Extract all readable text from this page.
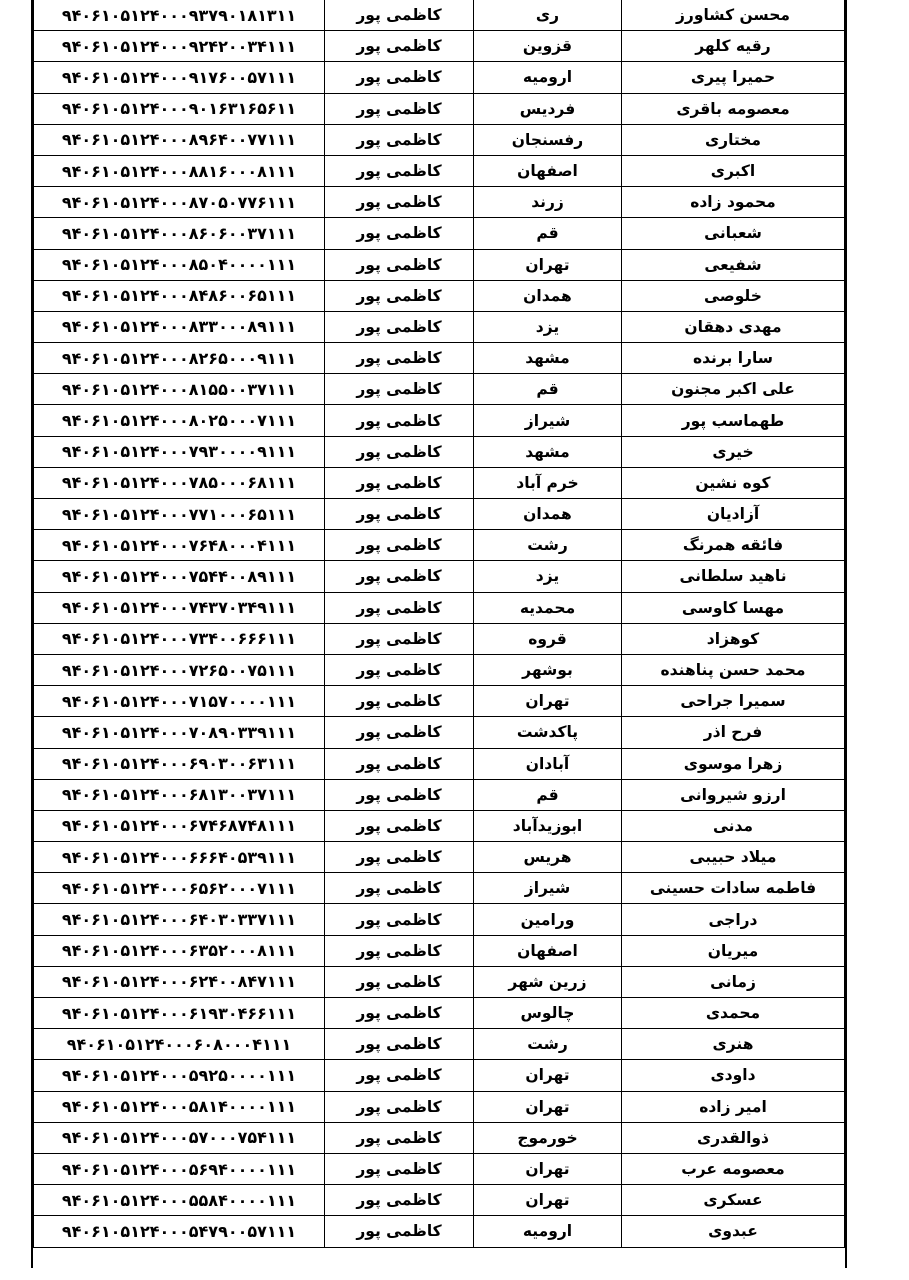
محسن کشاورز	ری	کاظمی پور	۹۴۰۶۱۰۵۱۲۴۰۰۰۹۳۷۹۰۱۸۱۳۱۱
رقیه کلهر	قزوین	کاظمی پور	۹۴۰۶۱۰۵۱۲۴۰۰۰۹۲۴۲۰۰۳۴۱۱۱
حمیرا پیری	ارومیه	کاظمی پور	۹۴۰۶۱۰۵۱۲۴۰۰۰۹۱۷۶۰۰۵۷۱۱۱
معصومه باقری	فردیس	کاظمی پور	۹۴۰۶۱۰۵۱۲۴۰۰۰۹۰۱۶۳۱۶۵۶۱۱
مختاری	رفسنجان	کاظمی پور	۹۴۰۶۱۰۵۱۲۴۰۰۰۸۹۶۴۰۰۷۷۱۱۱
اکبری	اصفهان	کاظمی پور	۹۴۰۶۱۰۵۱۲۴۰۰۰۸۸۱۶۰۰۰۸۱۱۱
محمود زاده	زرند	کاظمی پور	۹۴۰۶۱۰۵۱۲۴۰۰۰۸۷۰۵۰۷۷۶۱۱۱
شعبانی	قم	کاظمی پور	۹۴۰۶۱۰۵۱۲۴۰۰۰۸۶۰۶۰۰۳۷۱۱۱
شفیعی	تهران	کاظمی پور	۹۴۰۶۱۰۵۱۲۴۰۰۰۸۵۰۴۰۰۰۰۱۱۱
خلوصی	همدان	کاظمی پور	۹۴۰۶۱۰۵۱۲۴۰۰۰۸۴۸۶۰۰۶۵۱۱۱
مهدی دهقان	یزد	کاظمی پور	۹۴۰۶۱۰۵۱۲۴۰۰۰۸۳۳۰۰۰۸۹۱۱۱
سارا برنده	مشهد	کاظمی پور	۹۴۰۶۱۰۵۱۲۴۰۰۰۸۲۶۵۰۰۰۹۱۱۱
علی اکبر مجنون	قم	کاظمی پور	۹۴۰۶۱۰۵۱۲۴۰۰۰۸۱۵۵۰۰۳۷۱۱۱
طهماسب پور	شیراز	کاظمی پور	۹۴۰۶۱۰۵۱۲۴۰۰۰۸۰۲۵۰۰۰۷۱۱۱
خیری	مشهد	کاظمی پور	۹۴۰۶۱۰۵۱۲۴۰۰۰۷۹۳۰۰۰۰۹۱۱۱
کوه نشین	خرم آباد	کاظمی پور	۹۴۰۶۱۰۵۱۲۴۰۰۰۷۸۵۰۰۰۶۸۱۱۱
آزادیان	همدان	کاظمی پور	۹۴۰۶۱۰۵۱۲۴۰۰۰۷۷۱۰۰۰۶۵۱۱۱
فائقه همرنگ	رشت	کاظمی پور	۹۴۰۶۱۰۵۱۲۴۰۰۰۷۶۴۸۰۰۰۴۱۱۱
ناهید سلطانی	یزد	کاظمی پور	۹۴۰۶۱۰۵۱۲۴۰۰۰۷۵۴۴۰۰۸۹۱۱۱
مهسا کاوسی	محمدیه	کاظمی پور	۹۴۰۶۱۰۵۱۲۴۰۰۰۷۴۳۷۰۳۴۹۱۱۱
کوهزاد	قروه	کاظمی پور	۹۴۰۶۱۰۵۱۲۴۰۰۰۷۳۴۰۰۶۶۶۱۱۱
محمد حسن پناهنده	بوشهر	کاظمی پور	۹۴۰۶۱۰۵۱۲۴۰۰۰۷۲۶۵۰۰۷۵۱۱۱
سمیرا جراحی	تهران	کاظمی پور	۹۴۰۶۱۰۵۱۲۴۰۰۰۷۱۵۷۰۰۰۰۱۱۱
فرح اذر	پاکدشت	کاظمی پور	۹۴۰۶۱۰۵۱۲۴۰۰۰۷۰۸۹۰۳۳۹۱۱۱
زهرا موسوی	آبادان	کاظمی پور	۹۴۰۶۱۰۵۱۲۴۰۰۰۶۹۰۳۰۰۶۳۱۱۱
ارزو شیروانی	قم	کاظمی پور	۹۴۰۶۱۰۵۱۲۴۰۰۰۶۸۱۳۰۰۳۷۱۱۱
مدنی	ابوزیدآباد	کاظمی پور	۹۴۰۶۱۰۵۱۲۴۰۰۰۶۷۴۶۸۷۴۸۱۱۱
میلاد حبیبی	هریس	کاظمی پور	۹۴۰۶۱۰۵۱۲۴۰۰۰۶۶۶۴۰۵۳۹۱۱۱
فاطمه سادات حسینی	شیراز	کاظمی پور	۹۴۰۶۱۰۵۱۲۴۰۰۰۶۵۶۲۰۰۰۷۱۱۱
دراجی	ورامین	کاظمی پور	۹۴۰۶۱۰۵۱۲۴۰۰۰۶۴۰۳۰۳۳۷۱۱۱
میریان	اصفهان	کاظمی پور	۹۴۰۶۱۰۵۱۲۴۰۰۰۶۳۵۲۰۰۰۸۱۱۱
زمانی	زرین شهر	کاظمی پور	۹۴۰۶۱۰۵۱۲۴۰۰۰۶۲۴۰۰۸۴۷۱۱۱
محمدی	چالوس	کاظمی پور	۹۴۰۶۱۰۵۱۲۴۰۰۰۶۱۹۳۰۴۶۶۱۱۱
هنری	رشت	کاظمی پور	۹۴۰۶۱۰۵۱۲۴۰۰۰۶۰۸۰۰۰۴۱۱۱
داودی	تهران	کاظمی پور	۹۴۰۶۱۰۵۱۲۴۰۰۰۵۹۲۵۰۰۰۰۱۱۱
امیر زاده	تهران	کاظمی پور	۹۴۰۶۱۰۵۱۲۴۰۰۰۵۸۱۴۰۰۰۰۱۱۱
ذوالقدری	خورموج	کاظمی پور	۹۴۰۶۱۰۵۱۲۴۰۰۰۵۷۰۰۰۷۵۴۱۱۱
معصومه عرب	تهران	کاظمی پور	۹۴۰۶۱۰۵۱۲۴۰۰۰۵۶۹۴۰۰۰۰۱۱۱
عسکری	تهران	کاظمی پور	۹۴۰۶۱۰۵۱۲۴۰۰۰۵۵۸۴۰۰۰۰۱۱۱
عبدوی	ارومیه	کاظمی پور	۹۴۰۶۱۰۵۱۲۴۰۰۰۵۴۷۹۰۰۵۷۱۱۱
